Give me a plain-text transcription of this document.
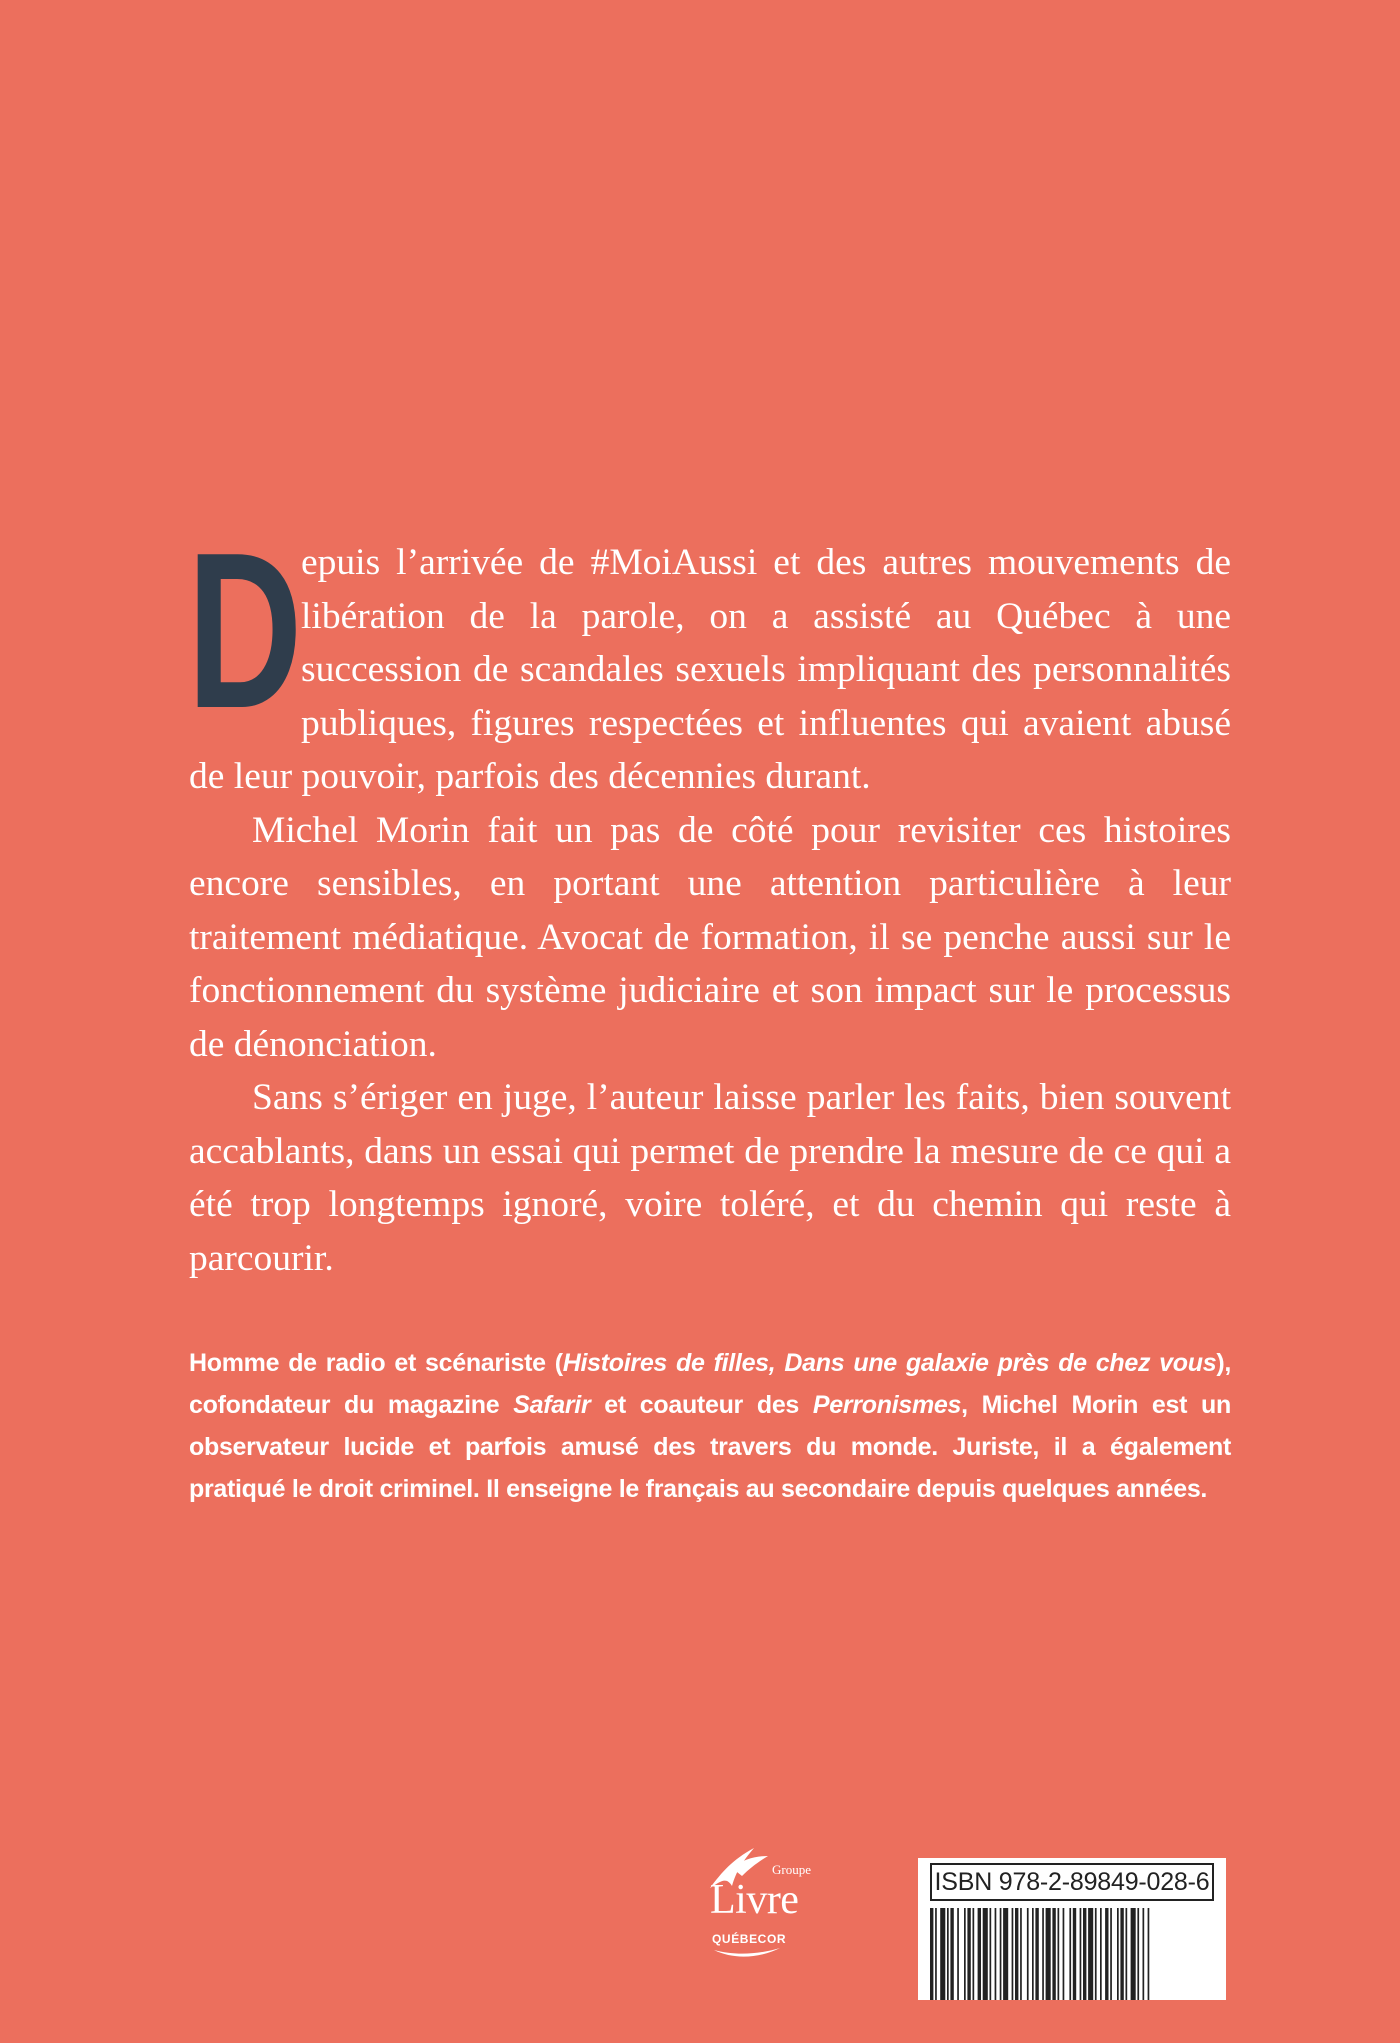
D
epuis l’arrivée de #MoiAussi et des autres mouvements de libération de la parole, on a assisté au Québec à une succession de scandales sexuels impliquant des personnalités publiques, figures respectées et influentes qui avaient abusé de leur pouvoir, parfois des décennies durant.

Michel Morin fait un pas de côté pour revisiter ces histoires encore sensibles, en portant une attention particulière à leur traitement médiatique. Avocat de formation, il se penche aussi sur le fonctionnement du système judiciaire et son impact sur le processus de dénonciation.

Sans s’ériger en juge, l’auteur laisse parler les faits, bien souvent accablants, dans un essai qui permet de prendre la mesure de ce qui a été trop longtemps ignoré, voire toléré, et du chemin qui reste à parcourir.

Homme de radio et scénariste (Histoires de filles, Dans une galaxie près de chez vous), cofondateur du magazine Safarir et coauteur des Perronismes, Michel Morin est un observateur lucide et parfois amusé des travers du monde. Juriste, il a également pratiqué le droit criminel. Il enseigne le français au secondaire depuis quelques années.
Groupe
Livre
QUÉBECOR
ISBN 978-2-89849-028-6
